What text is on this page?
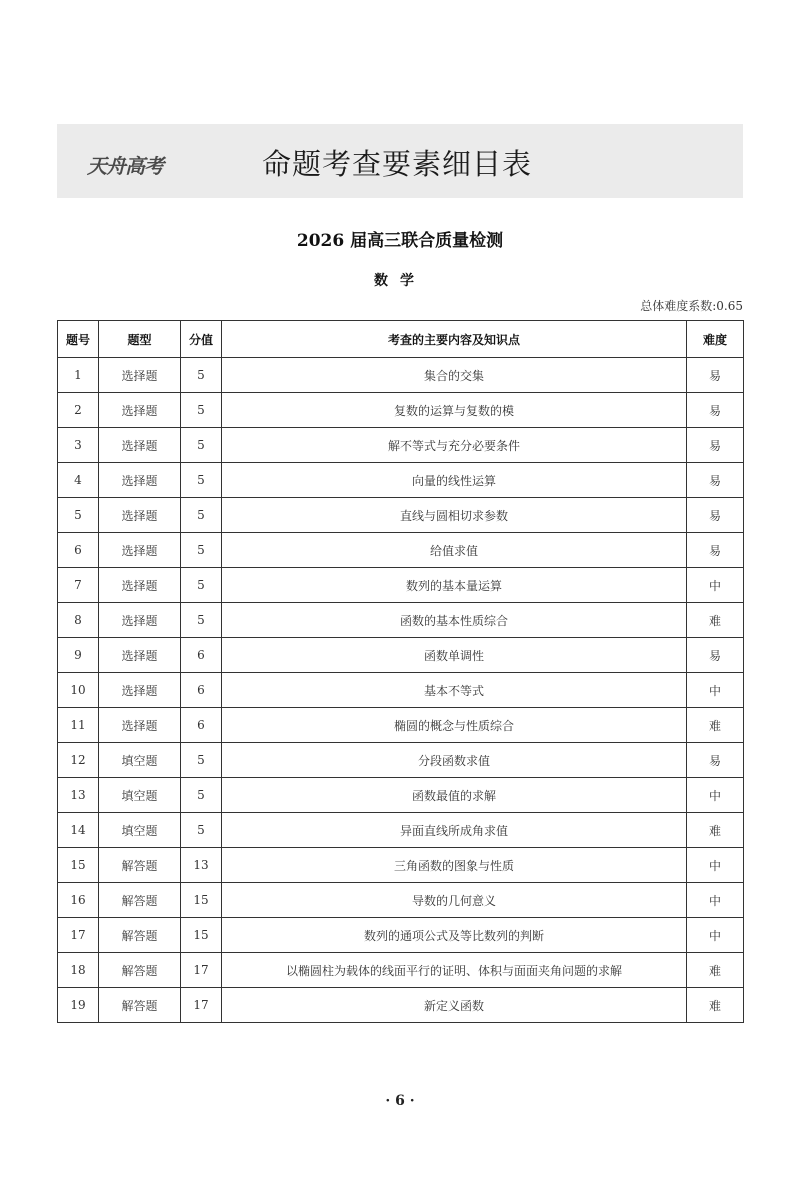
天舟高考	命题考查要素细目表
2026 届高三联合质量检测
数学
总体难度系数:0.65
题号	题型	分值	考查的主要内容及知识点	难度
1	选择题	5	集合的交集	易
2	选择题	5	复数的运算与复数的模	易
3	选择题	5	解不等式与充分必要条件	易
4	选择题	5	向量的线性运算	易
5	选择题	5	直线与圆相切求参数	易
6	选择题	5	给值求值	易
7	选择题	5	数列的基本量运算	中
8	选择题	5	函数的基本性质综合	难
9	选择题	6	函数单调性	易
10	选择题	6	基本不等式	中
11	选择题	6	椭圆的概念与性质综合	难
12	填空题	5	分段函数求值	易
13	填空题	5	函数最值的求解	中
14	填空题	5	异面直线所成角求值	难
15	解答题	13	三角函数的图象与性质	中
16	解答题	15	导数的几何意义	中
17	解答题	15	数列的通项公式及等比数列的判断	中
18	解答题	17	以椭圆柱为载体的线面平行的证明、体积与面面夹角问题的求解	难
19	解答题	17	新定义函数	难
· 6 ·
